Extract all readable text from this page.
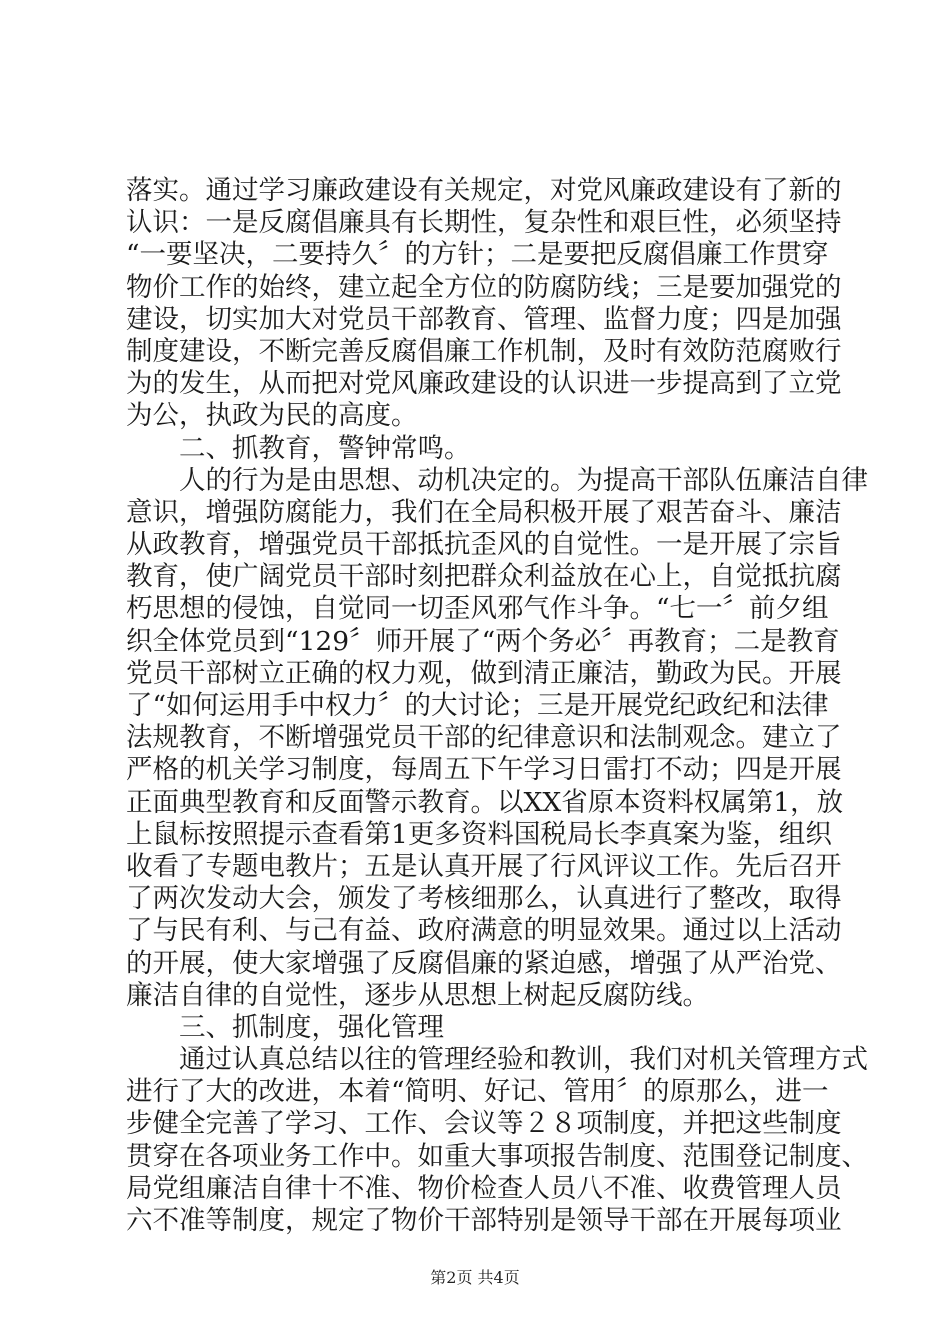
落实。通过学习廉政建设有关规定，对党风廉政建设有了新的
认识：一是反腐倡廉具有长期性，复杂性和艰巨性，必须坚持
“一要坚决，二要持久〞的方针；二是要把反腐倡廉工作贯穿
物价工作的始终，建立起全方位的防腐防线；三是要加强党的
建设，切实加大对党员干部教育、管理、监督力度；四是加强
制度建设，不断完善反腐倡廉工作机制，及时有效防范腐败行
为的发生，从而把对党风廉政建设的认识进一步提高到了立党
为公，执政为民的高度。
二、抓教育，警钟常鸣。
人的行为是由思想、动机决定的。为提高干部队伍廉洁自律
意识，增强防腐能力，我们在全局积极开展了艰苦奋斗、廉洁
从政教育，增强党员干部抵抗歪风的自觉性。一是开展了宗旨
教育，使广阔党员干部时刻把群众利益放在心上，自觉抵抗腐
朽思想的侵蚀，自觉同一切歪风邪气作斗争。“七一〞前夕组
织全体党员到“129〞师开展了“两个务必〞再教育；二是教育
党员干部树立正确的权力观，做到清正廉洁，勤政为民。开展
了“如何运用手中权力〞的大讨论；三是开展党纪政纪和法律
法规教育，不断增强党员干部的纪律意识和法制观念。建立了
严格的机关学习制度，每周五下午学习日雷打不动；四是开展
正面典型教育和反面警示教育。以XX省原本资料权属第1，放
上鼠标按照提示查看第1更多资料国税局长李真案为鉴，组织
收看了专题电教片；五是认真开展了行风评议工作。先后召开
了两次发动大会，颁发了考核细那么，认真进行了整改，取得
了与民有利、与己有益、政府满意的明显效果。通过以上活动
的开展，使大家增强了反腐倡廉的紧迫感，增强了从严治党、
廉洁自律的自觉性，逐步从思想上树起反腐防线。
三、抓制度，强化管理
通过认真总结以往的管理经验和教训，我们对机关管理方式
进行了大的改进，本着“简明、好记、管用〞的原那么，进一
步健全完善了学习、工作、会议等２８项制度，并把这些制度
贯穿在各项业务工作中。如重大事项报告制度、范围登记制度、
局党组廉洁自律十不准、物价检查人员八不准、收费管理人员
六不准等制度，规定了物价干部特别是领导干部在开展每项业
第2页 共4页
